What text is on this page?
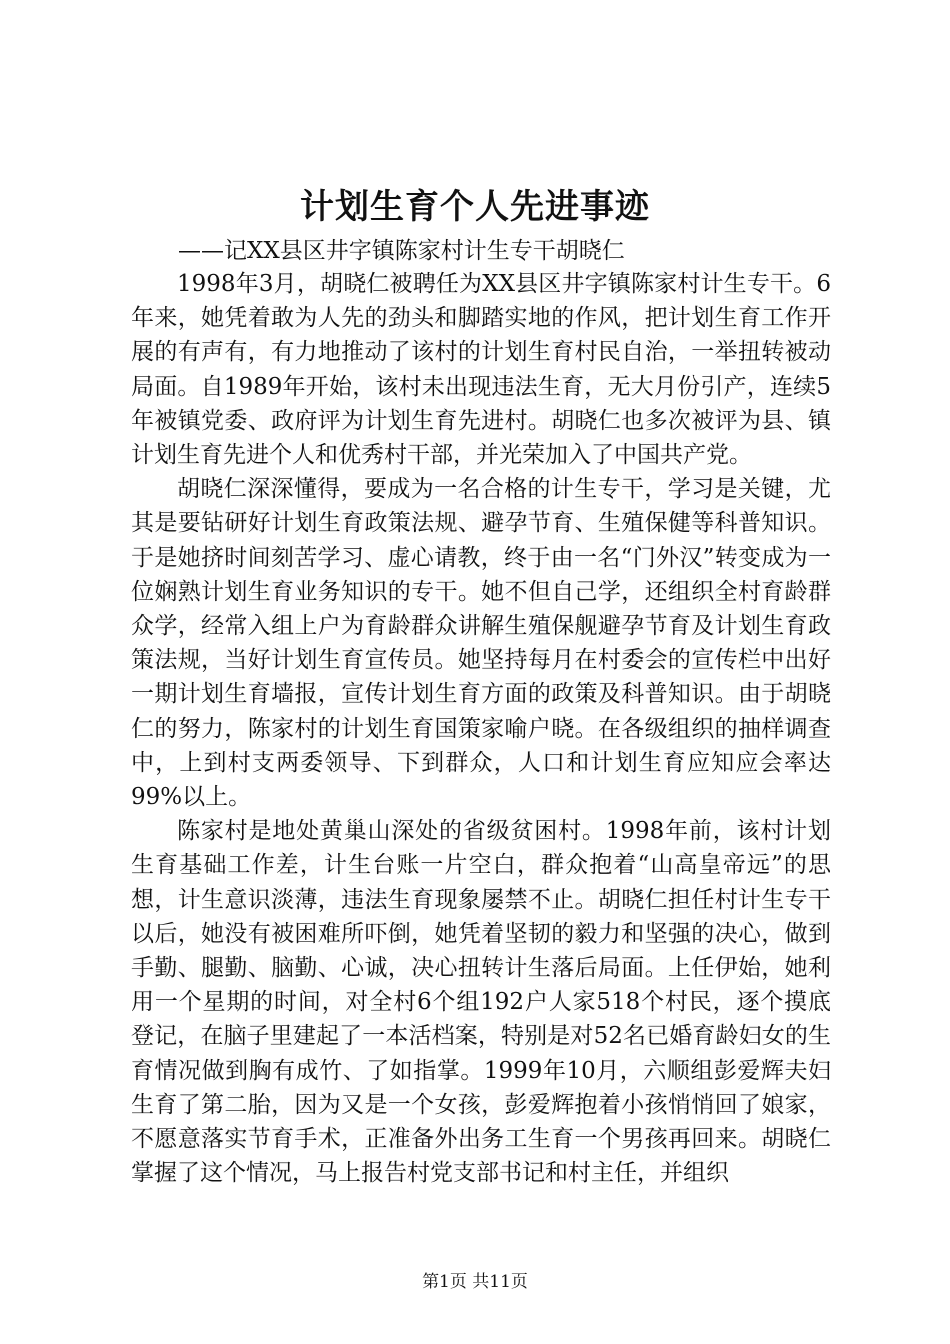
计划生育个人先进事迹
——记XX县区井字镇陈家村计生专干胡晓仁

1998年3月，胡晓仁被聘任为XX县区井字镇陈家村计生专干。6年来，她凭着敢为人先的劲头和脚踏实地的作风，把计划生育工作开展的有声有，有力地推动了该村的计划生育村民自治，一举扭转被动局面。自1989年开始，该村未出现违法生育，无大月份引产，连续5年被镇党委、政府评为计划生育先进村。胡晓仁也多次被评为县、镇计划生育先进个人和优秀村干部，并光荣加入了中国共产党。

胡晓仁深深懂得，要成为一名合格的计生专干，学习是关键，尤其是要钻研好计划生育政策法规、避孕节育、生殖保健等科普知识。于是她挤时间刻苦学习、虚心请教，终于由一名“门外汉”转变成为一位娴熟计划生育业务知识的专干。她不但自己学，还组织全村育龄群众学，经常入组上户为育龄群众讲解生殖保舰避孕节育及计划生育政策法规，当好计划生育宣传员。她坚持每月在村委会的宣传栏中出好一期计划生育墙报，宣传计划生育方面的政策及科普知识。由于胡晓仁的努力，陈家村的计划生育国策家喻户晓。在各级组织的抽样调查中，上到村支两委领导、下到群众，人口和计划生育应知应会率达99%以上。

陈家村是地处黄巢山深处的省级贫困村。1998年前，该村计划生育基础工作差，计生台账一片空白，群众抱着“山高皇帝远”的思想，计生意识淡薄，违法生育现象屡禁不止。胡晓仁担任村计生专干以后，她没有被困难所吓倒，她凭着坚韧的毅力和坚强的决心，做到手勤、腿勤、脑勤、心诚，决心扭转计生落后局面。上任伊始，她利用一个星期的时间，对全村6个组192户人家518个村民，逐个摸底登记，在脑子里建起了一本活档案，特别是对52名已婚育龄妇女的生育情况做到胸有成竹、了如指掌。1999年10月，六顺组彭爱辉夫妇生育了第二胎，因为又是一个女孩，彭爱辉抱着小孩悄悄回了娘家，不愿意落实节育手术，正准备外出务工生育一个男孩再回来。胡晓仁掌握了这个情况，马上报告村党支部书记和村主任，并组织

第1页 共11页
